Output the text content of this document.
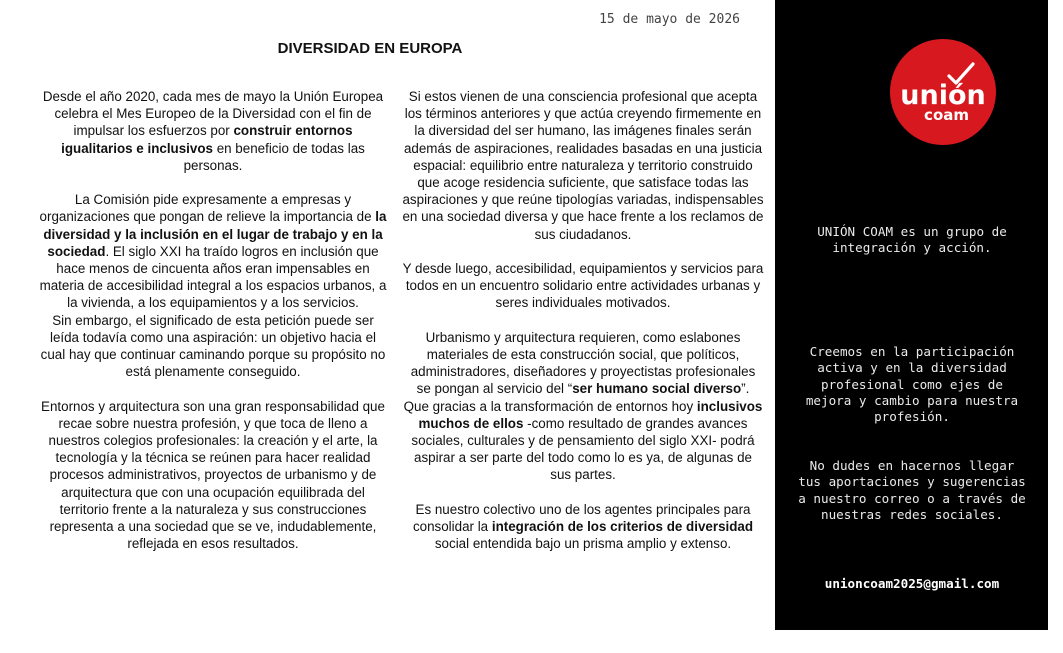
15 de mayo de 2026
DIVERSIDAD EN EUROPA

Desde el año 2020, cada mes de mayo la Unión Europea celebra el Mes Europeo de la Diversidad con el fin de impulsar los esfuerzos por construir entornos igualitarios e inclusivos en beneficio de todas las personas.

La Comisión pide expresamente a empresas y organizaciones que pongan de relieve la importancia de la diversidad y la inclusión en el lugar de trabajo y en la sociedad. El siglo XXI ha traído logros en inclusión que hace menos de cincuenta años eran impensables en materia de accesibilidad integral a los espacios urbanos, a la vivienda, a los equipamientos y a los servicios.

Sin embargo, el significado de esta petición puede ser leída todavía como una aspiración: un objetivo hacia el cual hay que continuar caminando porque su propósito no está plenamente conseguido.

Entornos y arquitectura son una gran responsabilidad que recae sobre nuestra profesión, y que toca de lleno a nuestros colegios profesionales: la creación y el arte, la tecnología y la técnica se reúnen para hacer realidad procesos administrativos, proyectos de urbanismo y de arquitectura que con una ocupación equilibrada del territorio frente a la naturaleza y sus construcciones representa a una sociedad que se ve, indudablemente, reflejada en esos resultados.

Si estos vienen de una consciencia profesional que acepta los términos anteriores y que actúa creyendo firmemente en la diversidad del ser humano, las imágenes finales serán además de aspiraciones, realidades basadas en una justicia espacial: equilibrio entre naturaleza y territorio construido que acoge residencia suficiente, que satisface todas las aspiraciones y que reúne tipologías variadas, indispensables en una sociedad diversa y que hace frente a los reclamos de sus ciudadanos.

Y desde luego, accesibilidad, equipamientos y servicios para todos en un encuentro solidario entre actividades urbanas y seres individuales motivados.

Urbanismo y arquitectura requieren, como eslabones materiales de esta construcción social, que políticos, administradores, diseñadores y proyectistas profesionales se pongan al servicio del “ser humano social diverso”.

Que gracias a la transformación de entornos hoy inclusivos muchos de ellos -como resultado de grandes avances sociales, culturales y de pensamiento del siglo XXI- podrá aspirar a ser parte del todo como lo es ya, de algunas de sus partes.

Es nuestro colectivo uno de los agentes principales para consolidar la integración de los criterios de diversidad social entendida bajo un prisma amplio y extenso.

unión
coam

UNIÓN COAM es un grupo de integración y acción.

Creemos en la participación activa y en la diversidad profesional como ejes de mejora y cambio para nuestra profesión.

No dudes en hacernos llegar tus aportaciones y sugerencias a nuestro correo o a través de nuestras redes sociales.

unioncoam2025@gmail.com
